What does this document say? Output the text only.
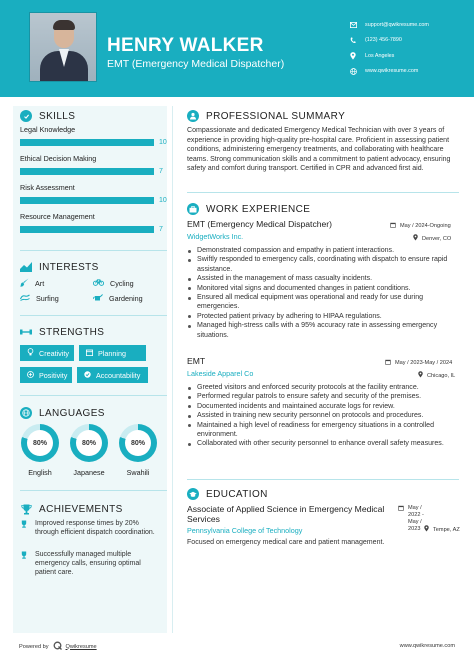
HENRY WALKER
EMT (Emergency Medical Dispatcher)
support@qwikresume.com
(123) 456-7890
Los Angeles
www.qwikresume.com
SKILLS
Legal Knowledge
10
Ethical Decision Making
7
Risk Assessment
10
Resource Management
7
INTERESTS
Art	Cycling
Surfing	Gardening
STRENGTHS
Creativity	Planning
Positivity	Accountability
LANGUAGES
80%
English
80%
Japanese
80%
Swahili
ACHIEVEMENTS
Improved response times by 20% through efficient dispatch coordination.
Successfully managed multiple emergency calls, ensuring optimal patient care.
PROFESSIONAL SUMMARY
Compassionate and dedicated Emergency Medical Technician with over 3 years of experience in providing high-quality pre-hospital care. Proficient in assessing patient conditions, administering emergency treatments, and collaborating with healthcare teams. Strong communication skills and a commitment to patient advocacy, ensuring safety and comfort during transport. Certified in CPR and advanced first aid.
WORK EXPERIENCE
EMT (Emergency Medical Dispatcher)	May / 2024-Ongoing
WidgetWorks Inc.	Denver, CO
Demonstrated compassion and empathy in patient interactions.
Swiftly responded to emergency calls, coordinating with dispatch to ensure rapid assistance.
Assisted in the management of mass casualty incidents.
Monitored vital signs and documented changes in patient conditions.
Ensured all medical equipment was operational and ready for use during emergencies.
Protected patient privacy by adhering to HIPAA regulations.
Managed high-stress calls with a 95% accuracy rate in assessing emergency situations.
EMT	May / 2023-May / 2024
Lakeside Apparel Co	Chicago, IL
Greeted visitors and enforced security protocols at the facility entrance.
Performed regular patrols to ensure safety and security of the premises.
Documented incidents and maintained accurate logs for review.
Assisted in training new security personnel on protocols and procedures.
Maintained a high level of readiness for emergency situations in a controlled environment.
Collaborated with other security personnel to enhance overall safety measures.
EDUCATION
Associate of Applied Science in Emergency Medical Services
May / 2022 - May / 2023	Tempe, AZ
Pennsylvania College of Technology
Focused on emergency medical care and patient management.
Powered by	Qwikresume	www.qwikresume.com
